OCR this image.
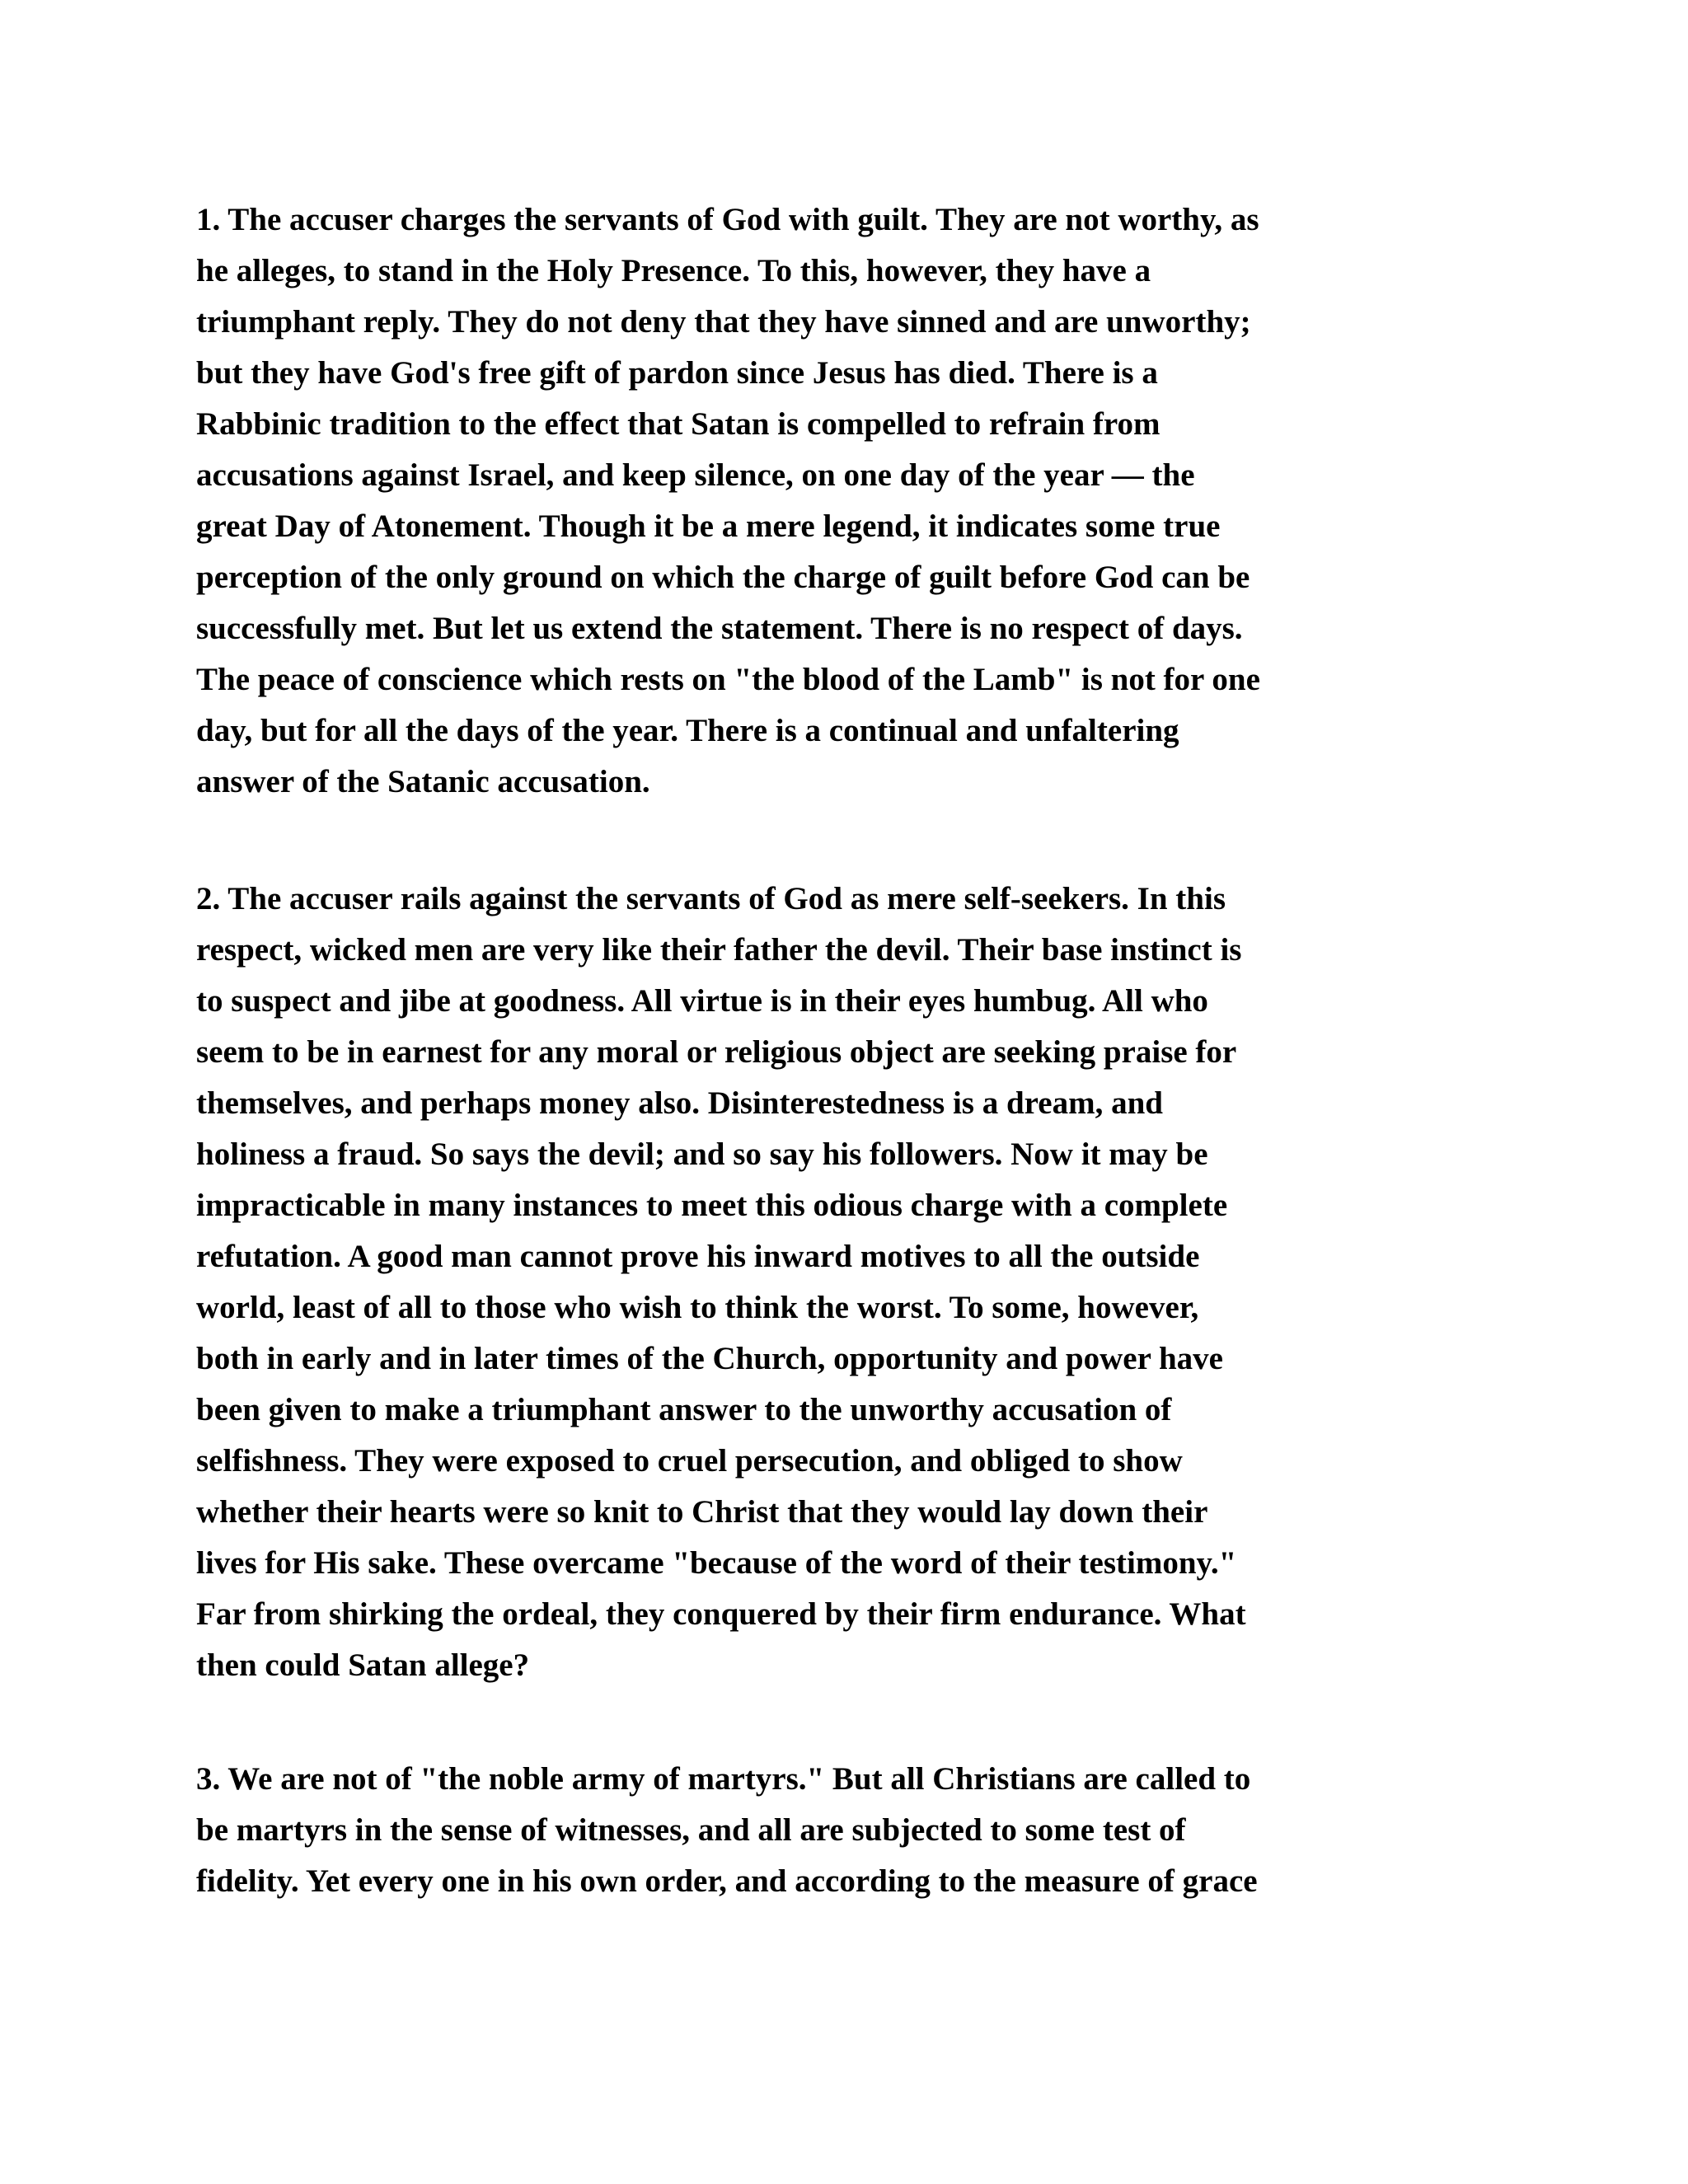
1. The accuser charges the servants of God with guilt. They are not worthy, as
he alleges, to stand in the Holy Presence. To this, however, they have a
triumphant reply. They do not deny that they have sinned and are unworthy;
but they have God's free gift of pardon since Jesus has died. There is a
Rabbinic tradition to the effect that Satan is compelled to refrain from
accusations against Israel, and keep silence, on one day of the year — the
great Day of Atonement. Though it be a mere legend, it indicates some true
perception of the only ground on which the charge of guilt before God can be
successfully met. But let us extend the statement. There is no respect of days.
The peace of conscience which rests on "the blood of the Lamb" is not for one
day, but for all the days of the year. There is a continual and unfaltering
answer of the Satanic accusation.
2. The accuser rails against the servants of God as mere self-seekers. In this
respect, wicked men are very like their father the devil. Their base instinct is
to suspect and jibe at goodness. All virtue is in their eyes humbug. All who
seem to be in earnest for any moral or religious object are seeking praise for
themselves, and perhaps money also. Disinterestedness is a dream, and
holiness a fraud. So says the devil; and so say his followers. Now it may be
impracticable in many instances to meet this odious charge with a complete
refutation. A good man cannot prove his inward motives to all the outside
world, least of all to those who wish to think the worst. To some, however,
both in early and in later times of the Church, opportunity and power have
been given to make a triumphant answer to the unworthy accusation of
selfishness. They were exposed to cruel persecution, and obliged to show
whether their hearts were so knit to Christ that they would lay down their
lives for His sake. These overcame "because of the word of their testimony."
Far from shirking the ordeal, they conquered by their firm endurance. What
then could Satan allege?
3. We are not of "the noble army of martyrs." But all Christians are called to
be martyrs in the sense of witnesses, and all are subjected to some test of
fidelity. Yet every one in his own order, and according to the measure of grace
